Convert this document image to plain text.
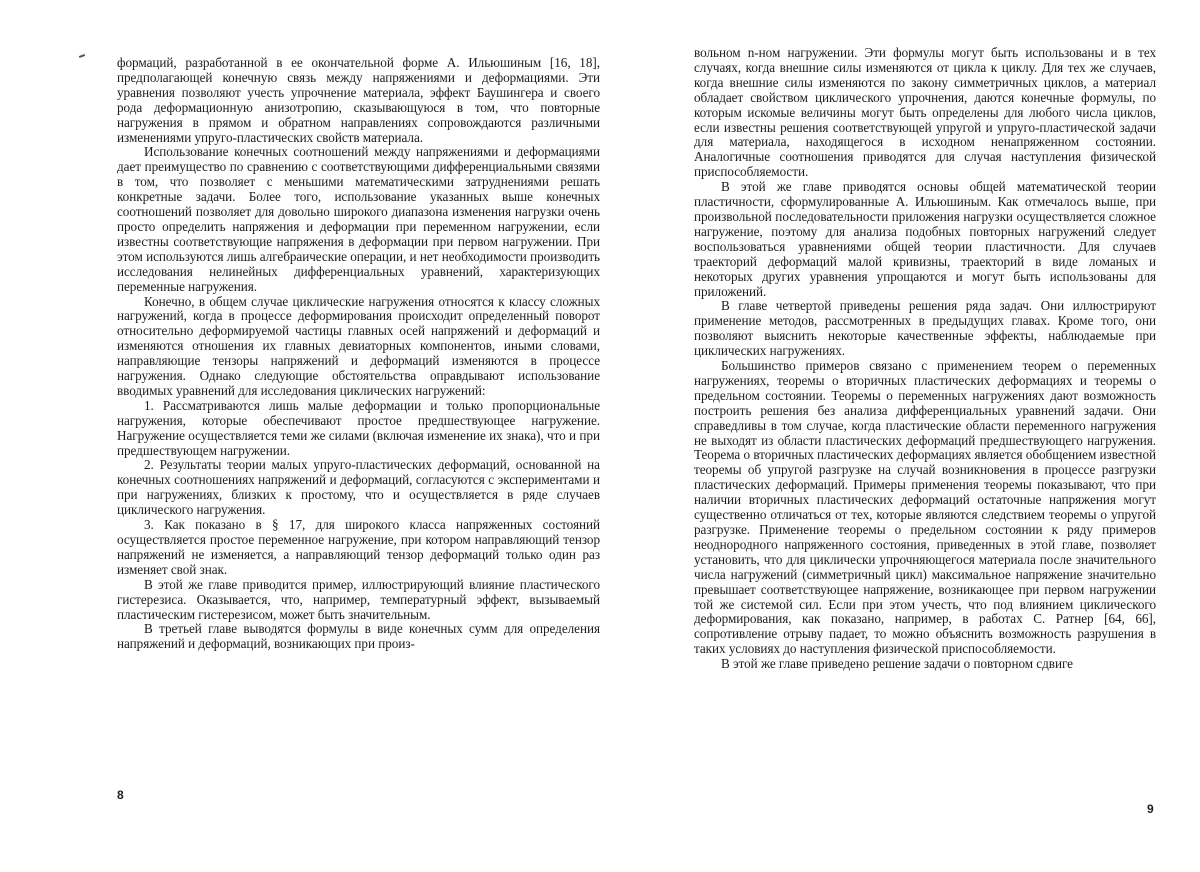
формаций, разработанной в ее окончательной форме А. Ильюшиным [16, 18], предполагающей конечную связь между напряжениями и деформациями. Эти уравнения позволяют учесть упрочнение материала, эффект Баушингера и своего рода деформационную анизотропию, сказывающуюся в том, что повторные нагружения в прямом и обратном направлениях сопровождаются различными изменениями упруго-пластических свойств материала.

Использование конечных соотношений между напряжениями и деформациями дает преимущество по сравнению с соответствующими дифференциальными связями в том, что позволяет с меньшими математическими затруднениями решать конкретные задачи. Более того, использование указанных выше конечных соотношений позволяет для довольно широкого диапазона изменения нагрузки очень просто определить напряжения и деформации при переменном нагружении, если известны соответствующие напряжения в деформации при первом нагружении. При этом используются лишь алгебраические операции, и нет необходимости производить исследования нелинейных дифференциальных уравнений, характеризующих переменные нагружения.

Конечно, в общем случае циклические нагружения относятся к классу сложных нагружений, когда в процессе деформирования происходит определенный поворот относительно деформируемой частицы главных осей напряжений и деформаций и изменяются отношения их главных девиаторных компонентов, иными словами, направляющие тензоры напряжений и деформаций изменяются в процессе нагружения. Однако следующие обстоятельства оправдывают использование вводимых уравнений для исследования циклических нагружений:

1. Рассматриваются лишь малые деформации и только пропорциональные нагружения, которые обеспечивают простое предшествующее нагружение. Нагружение осуществляется теми же силами (включая изменение их знака), что и при предшествующем нагружении.

2. Результаты теории малых упруго-пластических деформаций, основанной на конечных соотношениях напряжений и деформаций, согласуются с экспериментами и при нагружениях, близких к простому, что и осуществляется в ряде случаев циклического нагружения.

3. Как показано в § 17, для широкого класса напряженных состояний осуществляется простое переменное нагружение, при котором направляющий тензор напряжений не изменяется, а направляющий тензор деформаций только один раз изменяет свой знак.

В этой же главе приводится пример, иллюстрирующий влияние пластического гистерезиса. Оказывается, что, например, температурный эффект, вызываемый пластическим гистерезисом, может быть значительным.

В третьей главе выводятся формулы в виде конечных сумм для определения напряжений и деформаций, возникающих при произ-

8

вольном n-ном нагружении. Эти формулы могут быть использованы и в тех случаях, когда внешние силы изменяются от цикла к циклу. Для тех же случаев, когда внешние силы изменяются по закону симметричных циклов, а материал обладает свойством циклического упрочнения, даются конечные формулы, по которым искомые величины могут быть определены для любого числа циклов, если известны решения соответствующей упругой и упруго-пластической задачи для материала, находящегося в исходном ненапряженном состоянии. Аналогичные соотношения приводятся для случая наступления физической приспособляемости.

В этой же главе приводятся основы общей математической теории пластичности, сформулированные А. Ильюшиным. Как отмечалось выше, при произвольной последовательности приложения нагрузки осуществляется сложное нагружение, поэтому для анализа подобных повторных нагружений следует воспользоваться уравнениями общей теории пластичности. Для случаев траекторий деформаций малой кривизны, траекторий в виде ломаных и некоторых других уравнения упрощаются и могут быть использованы для приложений.

В главе четвертой приведены решения ряда задач. Они иллюстрируют применение методов, рассмотренных в предыдущих главах. Кроме того, они позволяют выяснить некоторые качественные эффекты, наблюдаемые при циклических нагружениях.

Большинство примеров связано с применением теорем о переменных нагружениях, теоремы о вторичных пластических деформациях и теоремы о предельном состоянии. Теоремы о переменных нагружениях дают возможность построить решения без анализа дифференциальных уравнений задачи. Они справедливы в том случае, когда пластические области переменного нагружения не выходят из области пластических деформаций предшествующего нагружения. Теорема о вторичных пластических деформациях является обобщением известной теоремы об упругой разгрузке на случай возникновения в процессе разгрузки пластических деформаций. Примеры применения теоремы показывают, что при наличии вторичных пластических деформаций остаточные напряжения могут существенно отличаться от тех, которые являются следствием теоремы о упругой разгрузке. Применение теоремы о предельном состоянии к ряду примеров неоднородного напряженного состояния, приведенных в этой главе, позволяет установить, что для циклически упрочняющегося материала после значительного числа нагружений (симметричный цикл) максимальное напряжение значительно превышает соответствующее напряжение, возникающее при первом нагружении той же системой сил. Если при этом учесть, что под влиянием циклического деформирования, как показано, например, в работах С. Ратнер [64, 66], сопротивление отрыву падает, то можно объяснить возможность разрушения в таких условиях до наступления физической приспособляемости.

В этой же главе приведено решение задачи о повторном сдвиге

9
